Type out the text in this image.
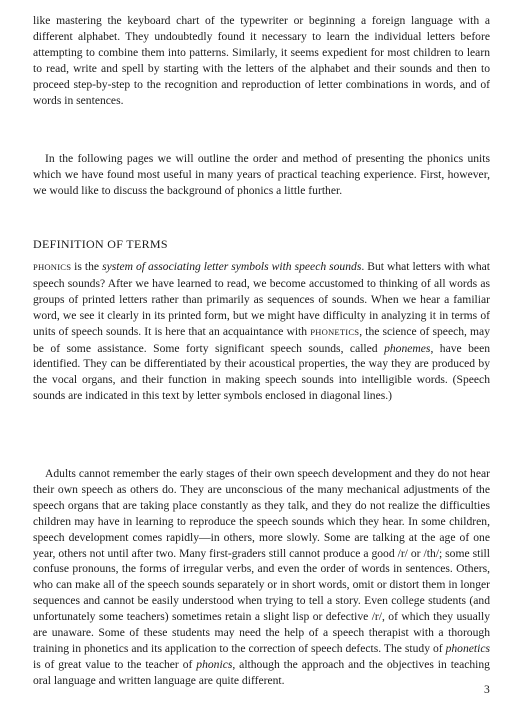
like mastering the keyboard chart of the typewriter or beginning a foreign language with a different alphabet. They undoubtedly found it necessary to learn the individual letters before attempting to combine them into patterns. Similarly, it seems expedient for most children to learn to read, write and spell by starting with the letters of the alphabet and their sounds and then to proceed step-by-step to the recognition and reproduction of letter combinations in words, and of words in sentences.

In the following pages we will outline the order and method of presenting the phonics units which we have found most useful in many years of practical teaching experience. First, however, we would like to discuss the background of phonics a little further.

DEFINITION OF TERMS

PHONICS is the system of associating letter symbols with speech sounds. But what letters with what speech sounds? After we have learned to read, we become accustomed to thinking of all words as groups of printed letters rather than primarily as sequences of sounds. When we hear a familiar word, we see it clearly in its printed form, but we might have difficulty in analyzing it in terms of units of speech sounds. It is here that an acquaintance with PHONETICS, the science of speech, may be of some assistance. Some forty significant speech sounds, called phonemes, have been identified. They can be differentiated by their acoustical properties, the way they are produced by the vocal organs, and their function in making speech sounds into intelligible words. (Speech sounds are indicated in this text by letter symbols enclosed in diagonal lines.)

Adults cannot remember the early stages of their own speech development and they do not hear their own speech as others do. They are unconscious of the many mechanical adjustments of the speech organs that are taking place constantly as they talk, and they do not realize the difficulties children may have in learning to reproduce the speech sounds which they hear. In some children, speech development comes rapidly—in others, more slowly. Some are talking at the age of one year, others not until after two. Many first-graders still cannot produce a good /r/ or /th/; some still confuse pronouns, the forms of irregular verbs, and even the order of words in sentences. Others, who can make all of the speech sounds separately or in short words, omit or distort them in longer sequences and cannot be easily understood when trying to tell a story. Even college students (and unfortunately some teachers) sometimes retain a slight lisp or defective /r/, of which they usually are unaware. Some of these students may need the help of a speech therapist with a thorough training in phonetics and its application to the correction of speech defects. The study of phonetics is of great value to the teacher of phonics, although the approach and the objectives in teaching oral language and written language are quite different.

3
